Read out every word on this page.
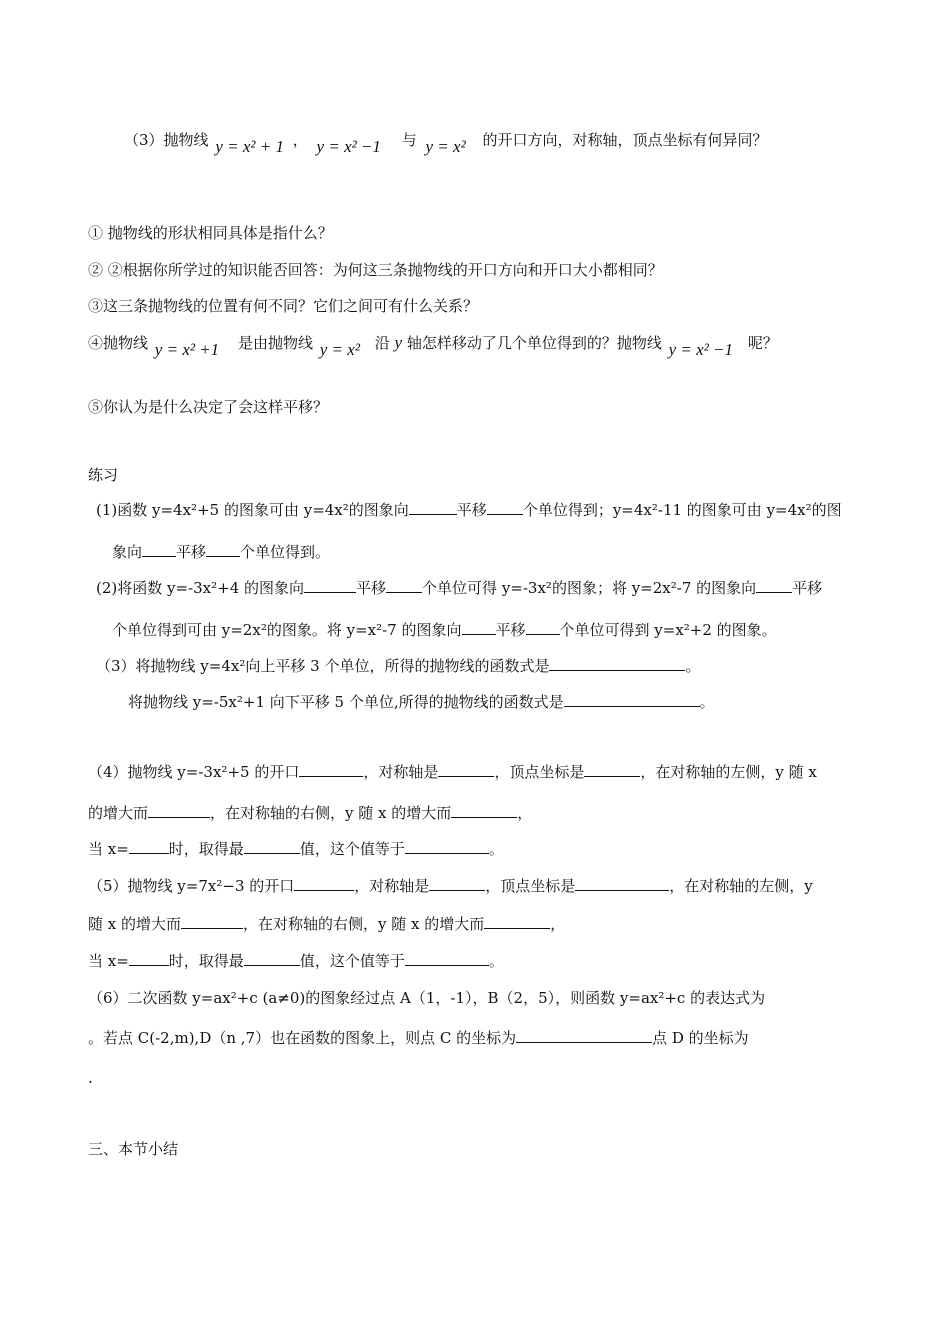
（3）抛物线 y = x² + 1 ， y = x² −1 与 y = x² 的开口方向，对称轴，顶点坐标有何异同？
① 抛物线的形状相同具体是指什么？
② ②根据你所学过的知识能否回答：为何这三条抛物线的开口方向和开口大小都相同？
③这三条抛物线的位置有何不同？它们之间可有什么关系？
④抛物线 y = x² +1 是由抛物线 y = x² 沿 y 轴怎样移动了几个单位得到的？抛物线 y = x² −1 呢？
⑤你认为是什么决定了会这样平移？
练习
(1)函数 y=4x²+5 的图象可由 y=4x²的图象向	平移 个单位得到；y=4x²-11 的图象可由 y=4x²的图
象向 平移 个单位得到。
(2)将函数 y=-3x²+4 的图象向	平移 个单位可得 y=-3x²的图象；将 y=2x²-7 的图象向 平移
个单位得到可由 y=2x²的图象。将 y=x²-7 的图象向 平移 个单位可得到 y=x²+2 的图象。
（3）将抛物线 y=4x²向上平移 3 个单位，所得的抛物线的函数式是	。
将抛物线 y=-5x²+1 向下平移 5 个单位,所得的抛物线的函数式是	。
（4）抛物线 y=-3x²+5 的开口	，对称轴是	，顶点坐标是	，在对称轴的左侧，y 随 x
的增大而	，在对称轴的右侧，y 随 x 的增大而	，
当 x=	时，取得最	值，这个值等于	。
（5）抛物线 y=7x²−3 的开口	，对称轴是	，顶点坐标是	，在对称轴的左侧，y
随 x 的增大而	，在对称轴的右侧，y 随 x 的增大而	，
当 x=	时，取得最	值，这个值等于	。
（6）二次函数 y=ax²+c (a≠0)的图象经过点 A（1，-1），B（2，5），则函数 y=ax²+c 的表达式为
。若点 C(-2,m),D（n ,7）也在函数的图象上，则点 C 的坐标为	点 D 的坐标为
.
三、本节小结
